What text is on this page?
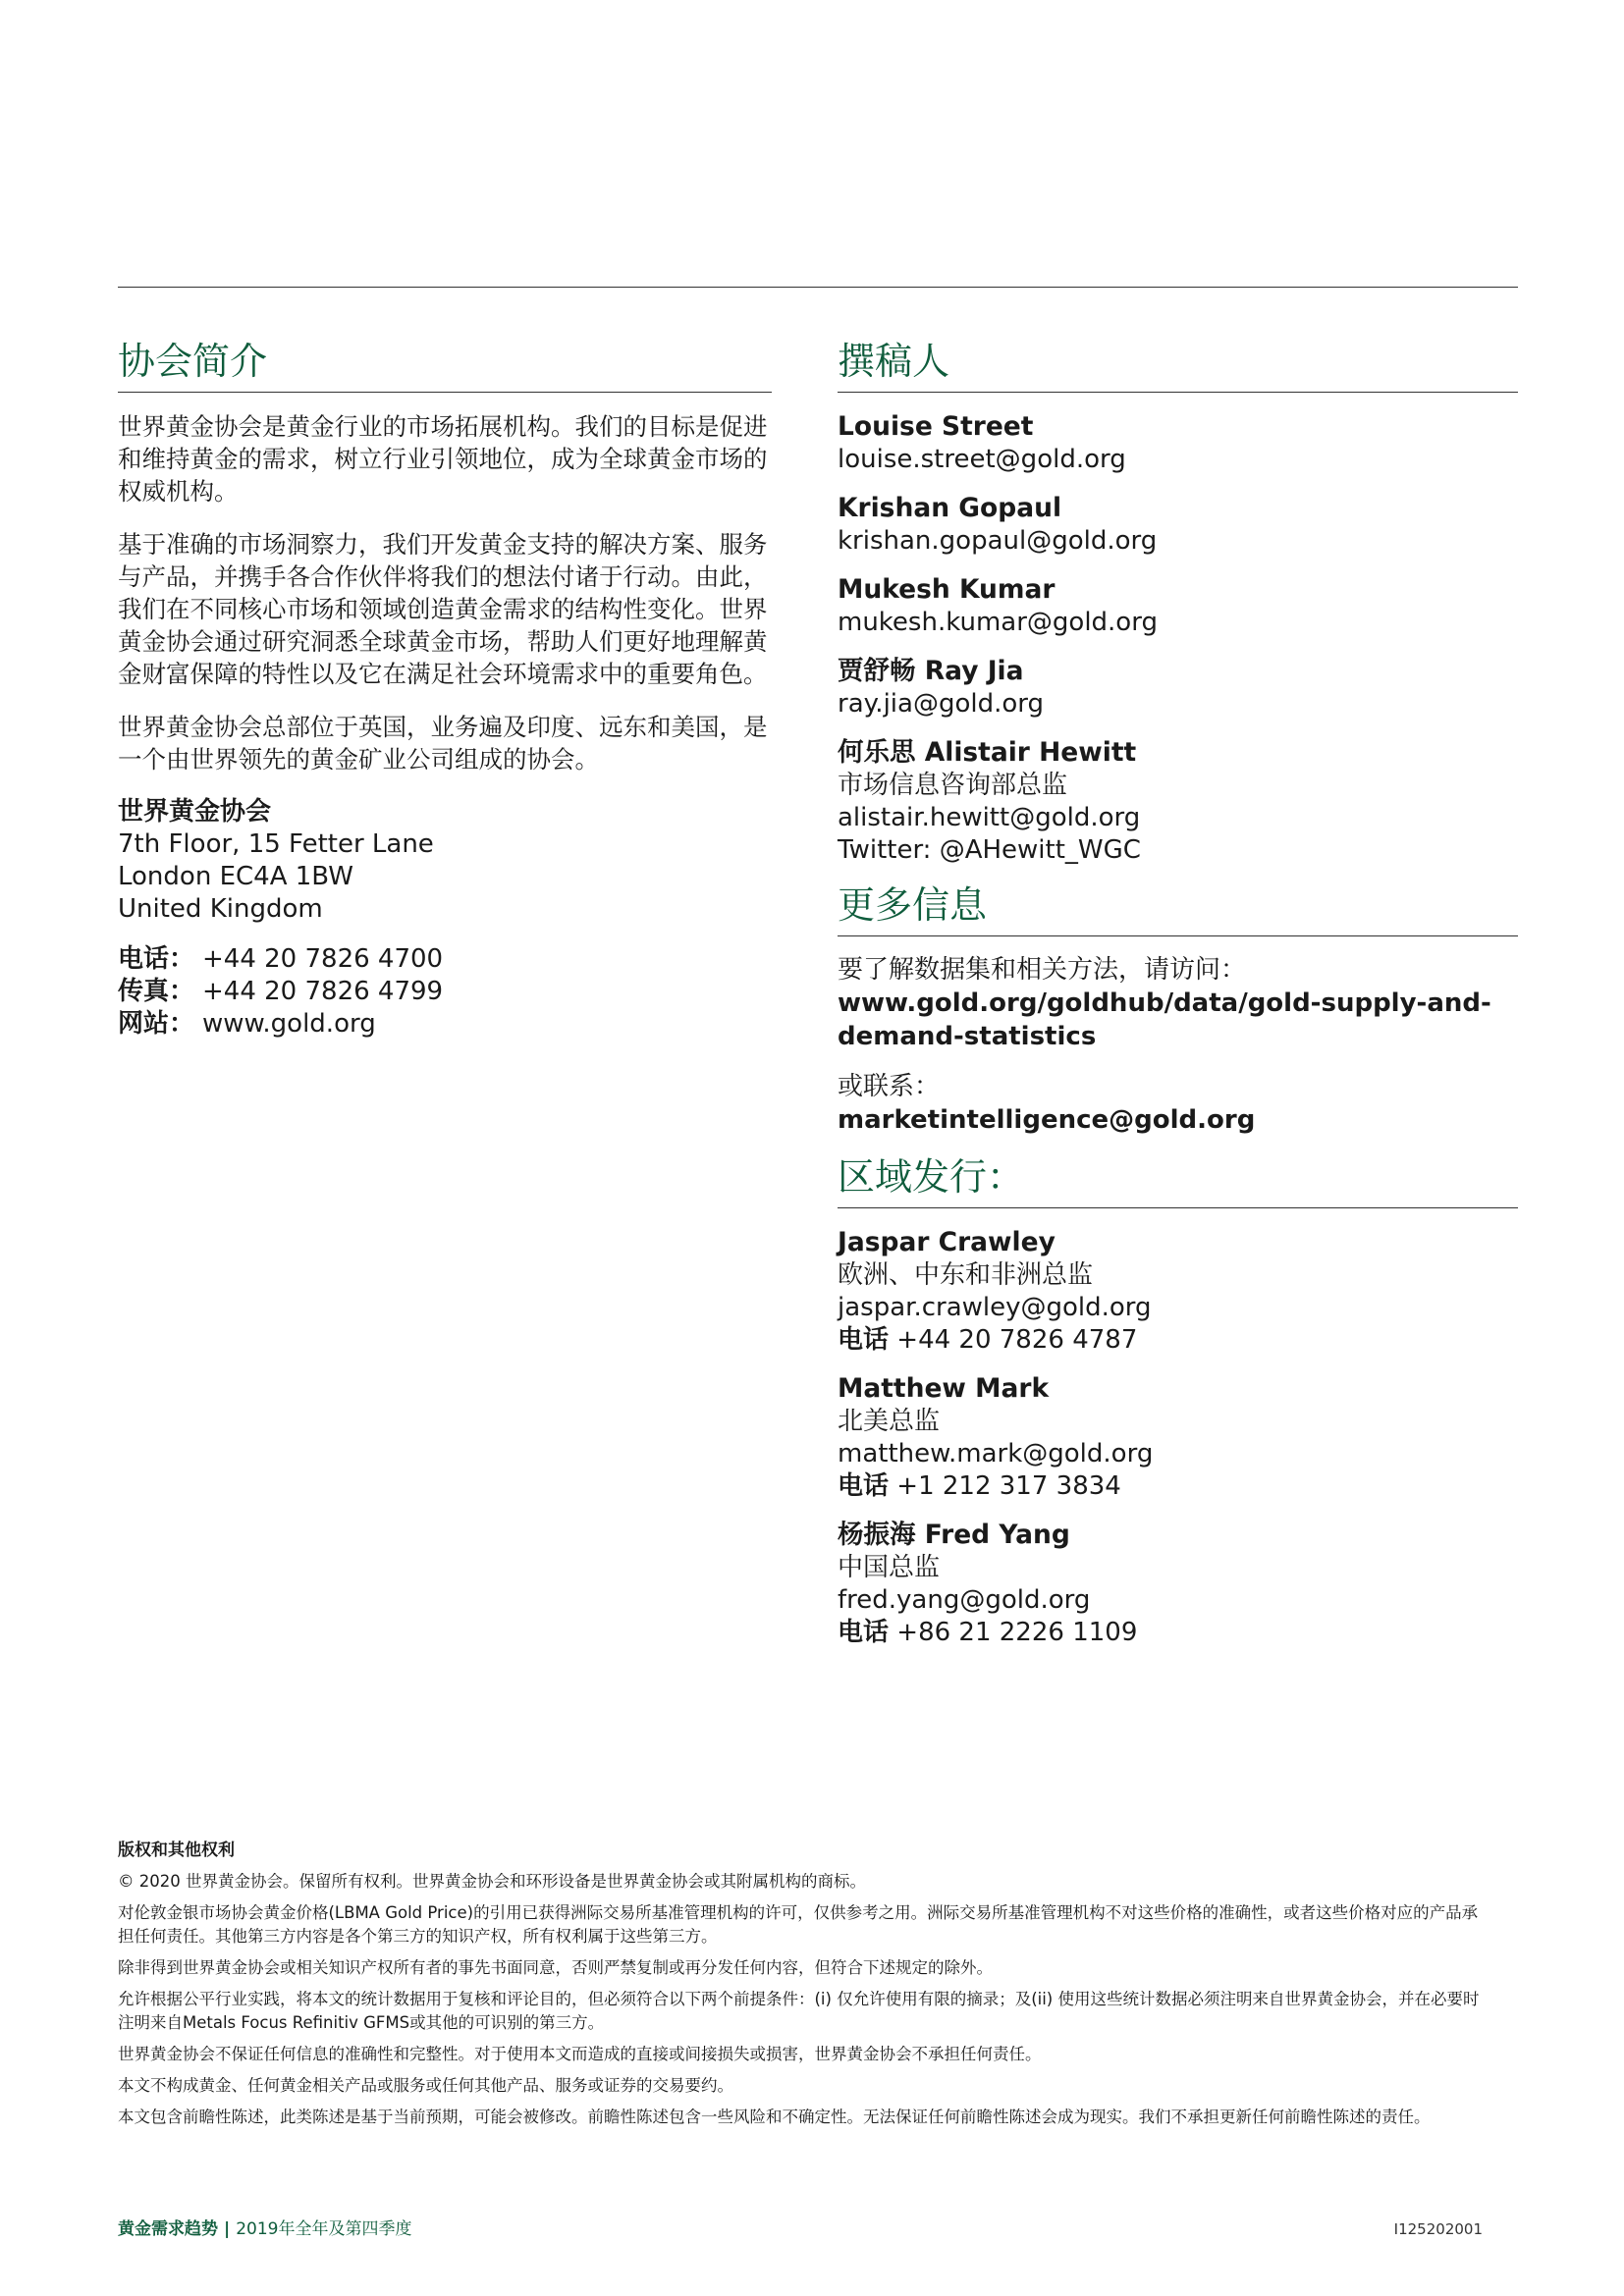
协会简介

世界黄金协会是黄金行业的市场拓展机构。我们的目标是促进和维持黄金的需求，树立行业引领地位，成为全球黄金市场的权威机构。

基于准确的市场洞察力，我们开发黄金支持的解决方案、服务与产品，并携手各合作伙伴将我们的想法付诸于行动。由此，我们在不同核心市场和领域创造黄金需求的结构性变化。世界黄金协会通过研究洞悉全球黄金市场，帮助人们更好地理解黄金财富保障的特性以及它在满足社会环境需求中的重要角色。

世界黄金协会总部位于英国，业务遍及印度、远东和美国，是一个由世界领先的黄金矿业公司组成的协会。

世界黄金协会
7th Floor, 15 Fetter Lane
London EC4A 1BW
United Kingdom
电话： +44 20 7826 4700
传真： +44 20 7826 4799
网站： www.gold.org
撰稿人
Louise Street
louise.street@gold.org
Krishan Gopaul
krishan.gopaul@gold.org
Mukesh Kumar
mukesh.kumar@gold.org
贾舒畅 Ray Jia
ray.jia@gold.org
何乐思 Alistair Hewitt
市场信息咨询部总监
alistair.hewitt@gold.org
Twitter: @AHewitt_WGC
更多信息
要了解数据集和相关方法，请访问：
www.gold.org/goldhub/data/gold-supply-and-
demand-statistics
或联系：
marketintelligence@gold.org
区域发行：
Jaspar Crawley
欧洲、中东和非洲总监
jaspar.crawley@gold.org
电话 +44 20 7826 4787
Matthew Mark
北美总监
matthew.mark@gold.org
电话 +1 212 317 3834
杨振海 Fred Yang
中国总监
fred.yang@gold.org
电话 +86 21 2226 1109
版权和其他权利

© 2020 世界黄金协会。保留所有权利。世界黄金协会和环形设备是世界黄金协会或其附属机构的商标。

对伦敦金银市场协会黄金价格(LBMA Gold Price)的引用已获得洲际交易所基准管理机构的许可，仅供参考之用。洲际交易所基准管理机构不对这些价格的准确性，或者这些价格对应的产品承担任何责任。其他第三方内容是各个第三方的知识产权，所有权利属于这些第三方。

除非得到世界黄金协会或相关知识产权所有者的事先书面同意，否则严禁复制或再分发任何内容，但符合下述规定的除外。

允许根据公平行业实践，将本文的统计数据用于复核和评论目的，但必须符合以下两个前提条件：(i) 仅允许使用有限的摘录；及(ii) 使用这些统计数据必须注明来自世界黄金协会，并在必要时注明来自Metals Focus Refinitiv GFMS或其他的可识别的第三方。

世界黄金协会不保证任何信息的准确性和完整性。对于使用本文而造成的直接或间接损失或损害，世界黄金协会不承担任何责任。

本文不构成黄金、任何黄金相关产品或服务或任何其他产品、服务或证券的交易要约。

本文包含前瞻性陈述，此类陈述是基于当前预期，可能会被修改。前瞻性陈述包含一些风险和不确定性。无法保证任何前瞻性陈述会成为现实。我们不承担更新任何前瞻性陈述的责任。

黄金需求趋势 | 2019年全年及第四季度	I125202001
